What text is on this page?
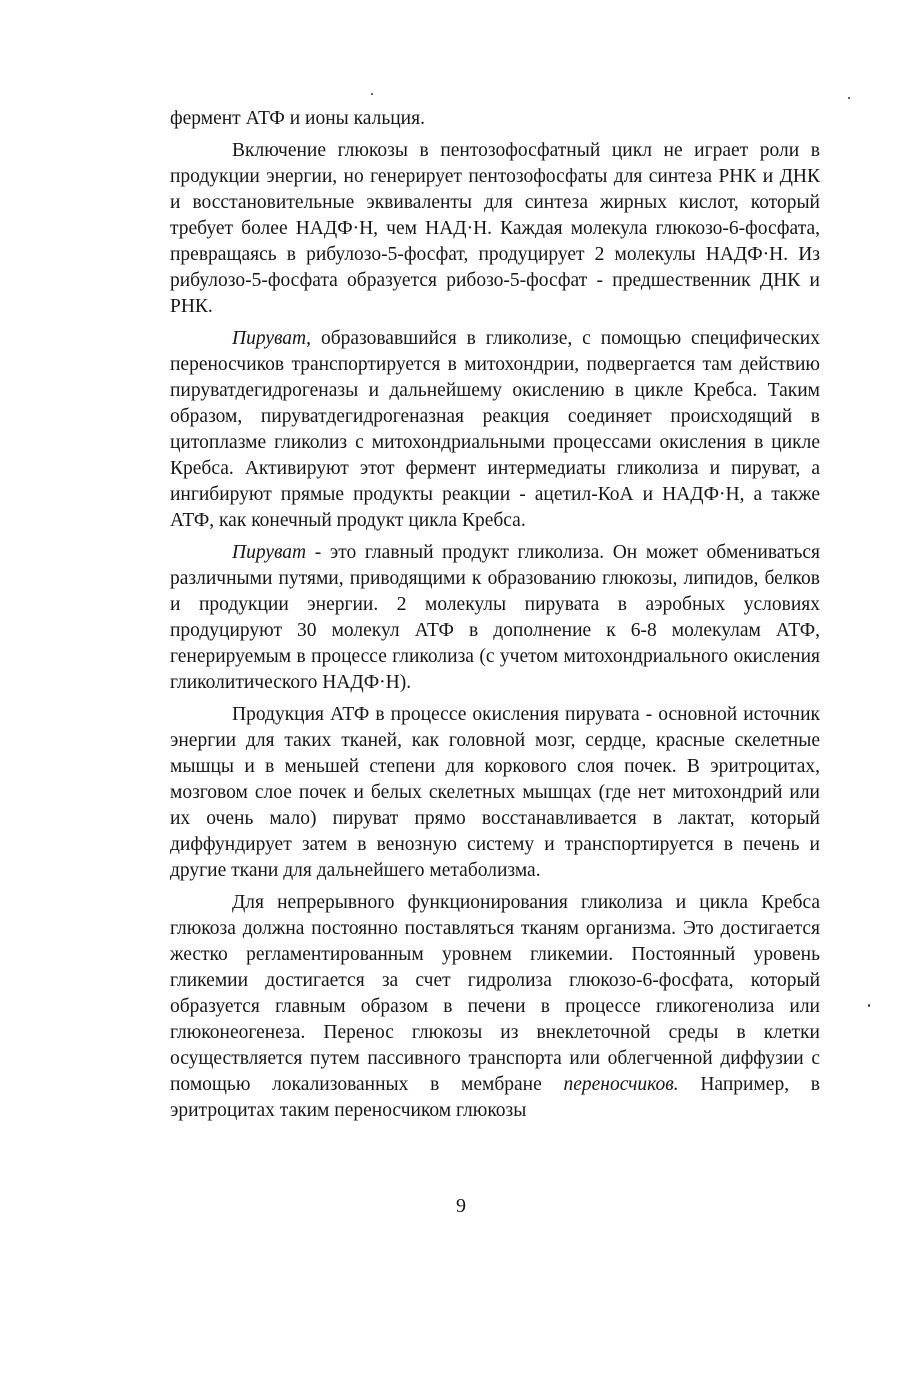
фермент АТФ и ионы кальция.

Включение глюкозы в пентозофосфатный цикл не играет роли в продукции энергии, но генерирует пентозофосфаты для синтеза РНК и ДНК и восстановительные эквиваленты для синтеза жирных кислот, который требует более НАДФ·Н, чем НАД·Н. Каждая молекула глюкозо-6-фосфата, превращаясь в рибулозо-5-фосфат, продуцирует 2 молекулы НАДФ·Н. Из рибулозо-5-фосфата образуется рибозо-5-фосфат - предшественник ДНК и РНК.

Пируват, образовавшийся в гликолизе, с помощью специфических переносчиков транспортируется в митохондрии, подвергается там действию пируватдегидрогеназы и дальнейшему окислению в цикле Кребса. Таким образом, пируватдегидрогеназная реакция соединяет происходящий в цитоплазме гликолиз с митохондриальными процессами окисления в цикле Кребса. Активируют этот фермент интермедиаты гликолиза и пируват, а ингибируют прямые продукты реакции - ацетил-КоА и НАДФ·Н, а также АТФ, как конечный продукт цикла Кребса.

Пируват - это главный продукт гликолиза. Он может обмениваться различными путями, приводящими к образованию глюкозы, липидов, белков и продукции энергии. 2 молекулы пирувата в аэробных условиях продуцируют 30 молекул АТФ в дополнение к 6-8 молекулам АТФ, генерируемым в процессе гликолиза (с учетом митохондриального окисления гликолитического НАДФ·Н).

Продукция АТФ в процессе окисления пирувата - основной источник энергии для таких тканей, как головной мозг, сердце, красные скелетные мышцы и в меньшей степени для коркового слоя почек. В эритроцитах, мозговом слое почек и белых скелетных мышцах (где нет митохондрий или их очень мало) пируват прямо восстанавливается в лактат, который диффундирует затем в венозную систему и транспортируется в печень и другие ткани для дальнейшего метаболизма.

Для непрерывного функционирования гликолиза и цикла Кребса глюкоза должна постоянно поставляться тканям организма. Это достигается жестко регламентированным уровнем гликемии. Постоянный уровень гликемии достигается за счет гидролиза глюкозо-6-фосфата, который образуется главным образом в печени в процессе гликогенолиза или глюконеогенеза. Перенос глюкозы из внеклеточной среды в клетки осуществляется путем пассивного транспорта или облегченной диффузии с помощью локализованных в мембране переносчиков. Например, в эритроцитах таким переносчиком глюкозы

9
